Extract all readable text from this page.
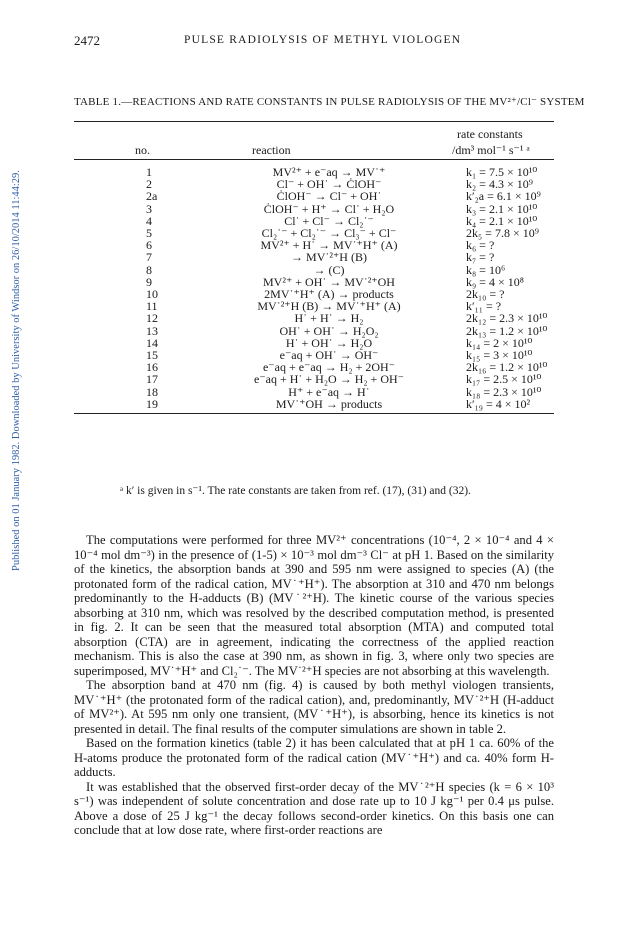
Published on 01 January 1982. Downloaded by University of Windsor on 26/10/2014 11:44:29.
2472	PULSE RADIOLYSIS OF METHYL VIOLOGEN
TABLE 1.—REACTIONS AND RATE CONSTANTS IN PULSE RADIOLYSIS OF THE MV²⁺/Cl⁻ SYSTEM
rate constants
no.	reaction	/dm³ mol⁻¹ s⁻¹ ᵃ
1	MV²⁺ + e⁻aq → MV˙⁺	k₁ = 7.5 × 10¹⁰
2	Cl⁻ + OH˙ → ĊlOH⁻	k₂ = 4.3 × 10⁹
2a	ĊlOH⁻ → Cl⁻ + OH˙	k′₂a = 6.1 × 10⁹
3	ĊlOH⁻ + H⁺ → Cl˙ + H₂O	k₃ = 2.1 × 10¹⁰
4	Cl˙ + Cl⁻ → Cl₂˙⁻	k₄ = 2.1 × 10¹⁰
5	Cl₂˙⁻ + Cl₂˙⁻ → Cl₃⁻ + Cl⁻	2k₅ = 7.8 × 10⁹
6	MV²⁺ + H˙ → MV˙⁺H⁺ (A)	k₆ = ?
7	→ MV˙²⁺H (B)	k₇ = ?
8	→ (C)	k₈ = 10⁶
9	MV²⁺ + OH˙ → MV˙²⁺OH	k₉ = 4 × 10⁸
10	2MV˙⁺H⁺ (A) → products	2k₁₀ = ?
11	MV˙²⁺H (B) → MV˙⁺H⁺ (A)	k′₁₁ = ?
12	H˙ + H˙ → H₂	2k₁₂ = 2.3 × 10¹⁰
13	OH˙ + OH˙ → H₂O₂	2k₁₃ = 1.2 × 10¹⁰
14	H˙ + OH˙ → H₂O	k₁₄ = 2 × 10¹⁰
15	e⁻aq + OH˙ → OH⁻	k₁₅ = 3 × 10¹⁰
16	e⁻aq + e⁻aq → H₂ + 2OH⁻	2k₁₆ = 1.2 × 10¹⁰
17	e⁻aq + H˙ + H₂O → H₂ + OH⁻	k₁₇ = 2.5 × 10¹⁰
18	H⁺ + e⁻aq → H˙	k₁₈ = 2.3 × 10¹⁰
19	MV˙⁺OH → products	k′₁₉ = 4 × 10²
ᵃ k′ is given in s⁻¹. The rate constants are taken from ref. (17), (31) and (32).

The computations were performed for three MV²⁺ concentrations (10⁻⁴, 2 × 10⁻⁴ and 4 × 10⁻⁴ mol dm⁻³) in the presence of (1-5) × 10⁻³ mol dm⁻³ Cl⁻ at pH 1. Based on the similarity of the kinetics, the absorption bands at 390 and 595 nm were assigned to species (A) (the protonated form of the radical cation, MV˙⁺H⁺). The absorption at 310 and 470 nm belongs predominantly to the H-adducts (B) (MV˙²⁺H). The kinetic course of the various species absorbing at 310 nm, which was resolved by the described computation method, is presented in fig. 2. It can be seen that the measured total absorption (MTA) and computed total absorption (CTA) are in agreement, indicating the correctness of the applied reaction mechanism. This is also the case at 390 nm, as shown in fig. 3, where only two species are superimposed, MV˙⁺H⁺ and Cl₂˙⁻. The MV˙²⁺H species are not absorbing at this wavelength.

The absorption band at 470 nm (fig. 4) is caused by both methyl viologen transients, MV˙⁺H⁺ (the protonated form of the radical cation), and, predominantly, MV˙²⁺H (H-adduct of MV²⁺). At 595 nm only one transient, (MV˙⁺H⁺), is absorbing, hence its kinetics is not presented in detail. The final results of the computer simulations are shown in table 2.

Based on the formation kinetics (table 2) it has been calculated that at pH 1 ca. 60% of the H-atoms produce the protonated form of the radical cation (MV˙⁺H⁺) and ca. 40% form H-adducts.

It was established that the observed first-order decay of the MV˙²⁺H species (k = 6 × 10³ s⁻¹) was independent of solute concentration and dose rate up to 10 J kg⁻¹ per 0.4 μs pulse. Above a dose of 25 J kg⁻¹ the decay follows second-order kinetics. On this basis one can conclude that at low dose rate, where first-order reactions are
